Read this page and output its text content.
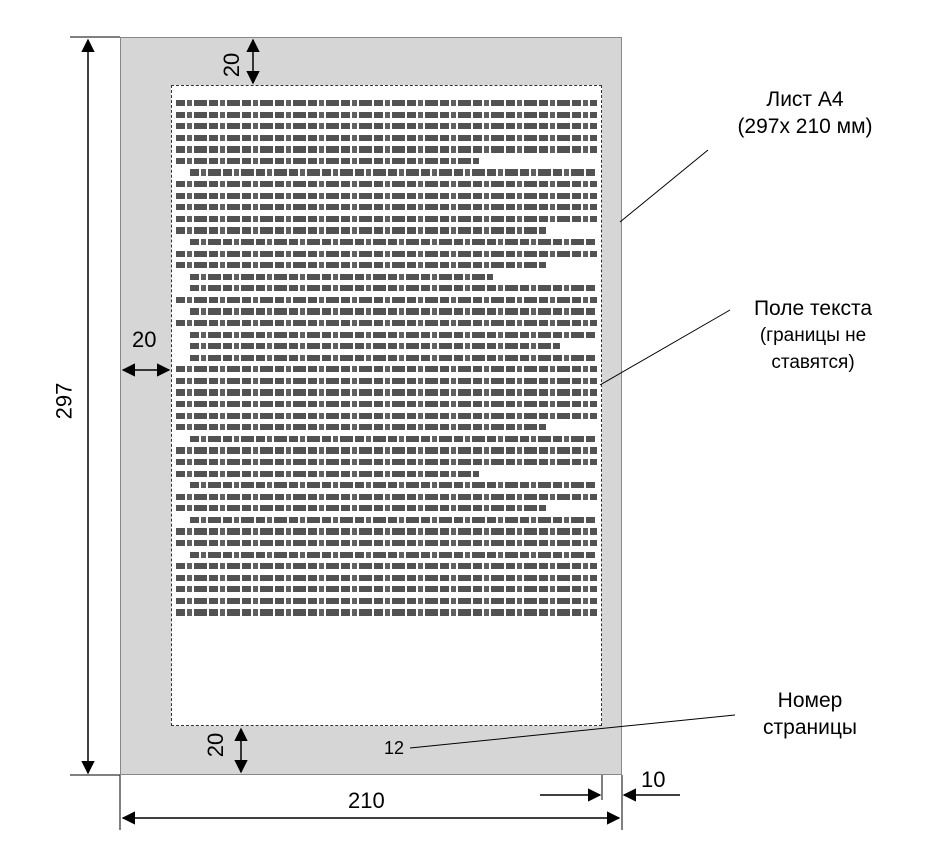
20
20
20
297
210
10
12
Лист А4
(297х 210 мм)
Поле текста
(границы не
ставятся)
Номер
страницы
